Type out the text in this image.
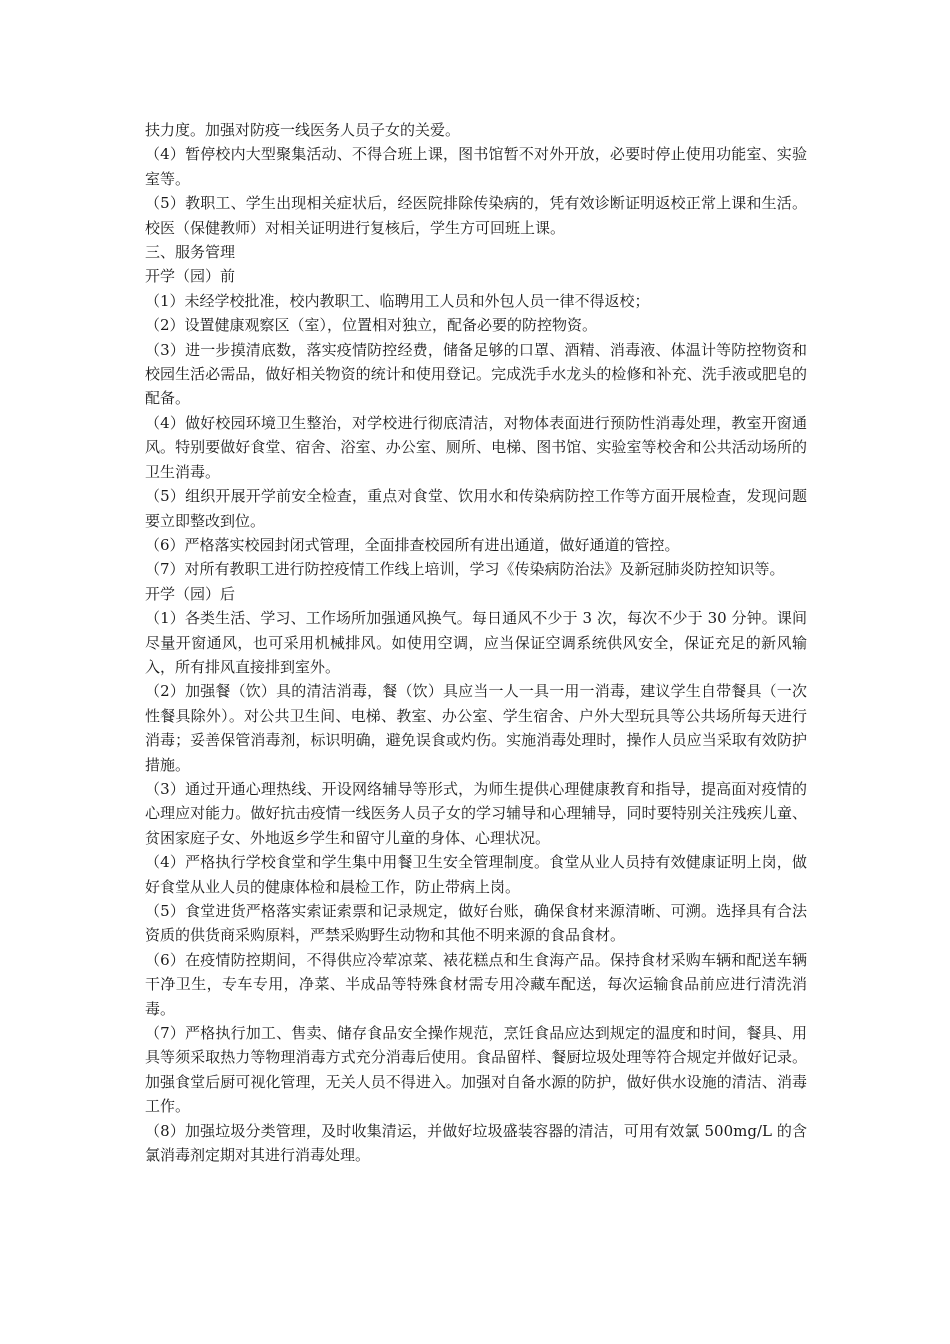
扶力度。加强对防疫一线医务人员子女的关爱。

（4）暂停校内大型聚集活动、不得合班上课，图书馆暂不对外开放，必要时停止使用功能室、实验室等。

（5）教职工、学生出现相关症状后，经医院排除传染病的，凭有效诊断证明返校正常上课和生活。校医（保健教师）对相关证明进行复核后，学生方可回班上课。

三、服务管理

开学（园）前

（1）未经学校批准，校内教职工、临聘用工人员和外包人员一律不得返校；

（2）设置健康观察区（室），位置相对独立，配备必要的防控物资。

（3）进一步摸清底数，落实疫情防控经费，储备足够的口罩、酒精、消毒液、体温计等防控物资和校园生活必需品，做好相关物资的统计和使用登记。完成洗手水龙头的检修和补充、洗手液或肥皂的配备。

（4）做好校园环境卫生整治，对学校进行彻底清洁，对物体表面进行预防性消毒处理，教室开窗通风。特别要做好食堂、宿舍、浴室、办公室、厕所、电梯、图书馆、实验室等校舍和公共活动场所的卫生消毒。

（5）组织开展开学前安全检查，重点对食堂、饮用水和传染病防控工作等方面开展检查，发现问题要立即整改到位。

（6）严格落实校园封闭式管理，全面排查校园所有进出通道，做好通道的管控。

（7）对所有教职工进行防控疫情工作线上培训，学习《传染病防治法》及新冠肺炎防控知识等。

开学（园）后

（1）各类生活、学习、工作场所加强通风换气。每日通风不少于 3 次，每次不少于 30 分钟。课间尽量开窗通风，也可采用机械排风。如使用空调，应当保证空调系统供风安全，保证充足的新风输入，所有排风直接排到室外。

（2）加强餐（饮）具的清洁消毒，餐（饮）具应当一人一具一用一消毒，建议学生自带餐具（一次性餐具除外）。对公共卫生间、电梯、教室、办公室、学生宿舍、户外大型玩具等公共场所每天进行消毒；妥善保管消毒剂，标识明确，避免误食或灼伤。实施消毒处理时，操作人员应当采取有效防护措施。

（3）通过开通心理热线、开设网络辅导等形式，为师生提供心理健康教育和指导，提高面对疫情的心理应对能力。做好抗击疫情一线医务人员子女的学习辅导和心理辅导，同时要特别关注残疾儿童、贫困家庭子女、外地返乡学生和留守儿童的身体、心理状况。

（4）严格执行学校食堂和学生集中用餐卫生安全管理制度。食堂从业人员持有效健康证明上岗，做好食堂从业人员的健康体检和晨检工作，防止带病上岗。

（5）食堂进货严格落实索证索票和记录规定，做好台账，确保食材来源清晰、可溯。选择具有合法资质的供货商采购原料，严禁采购野生动物和其他不明来源的食品食材。

（6）在疫情防控期间，不得供应冷荤凉菜、裱花糕点和生食海产品。保持食材采购车辆和配送车辆干净卫生，专车专用，净菜、半成品等特殊食材需专用冷藏车配送，每次运输食品前应进行清洗消毒。

（7）严格执行加工、售卖、储存食品安全操作规范，烹饪食品应达到规定的温度和时间，餐具、用具等须采取热力等物理消毒方式充分消毒后使用。食品留样、餐厨垃圾处理等符合规定并做好记录。加强食堂后厨可视化管理，无关人员不得进入。加强对自备水源的防护，做好供水设施的清洁、消毒工作。

（8）加强垃圾分类管理，及时收集清运，并做好垃圾盛装容器的清洁，可用有效氯 500mg/L 的含氯消毒剂定期对其进行消毒处理。
